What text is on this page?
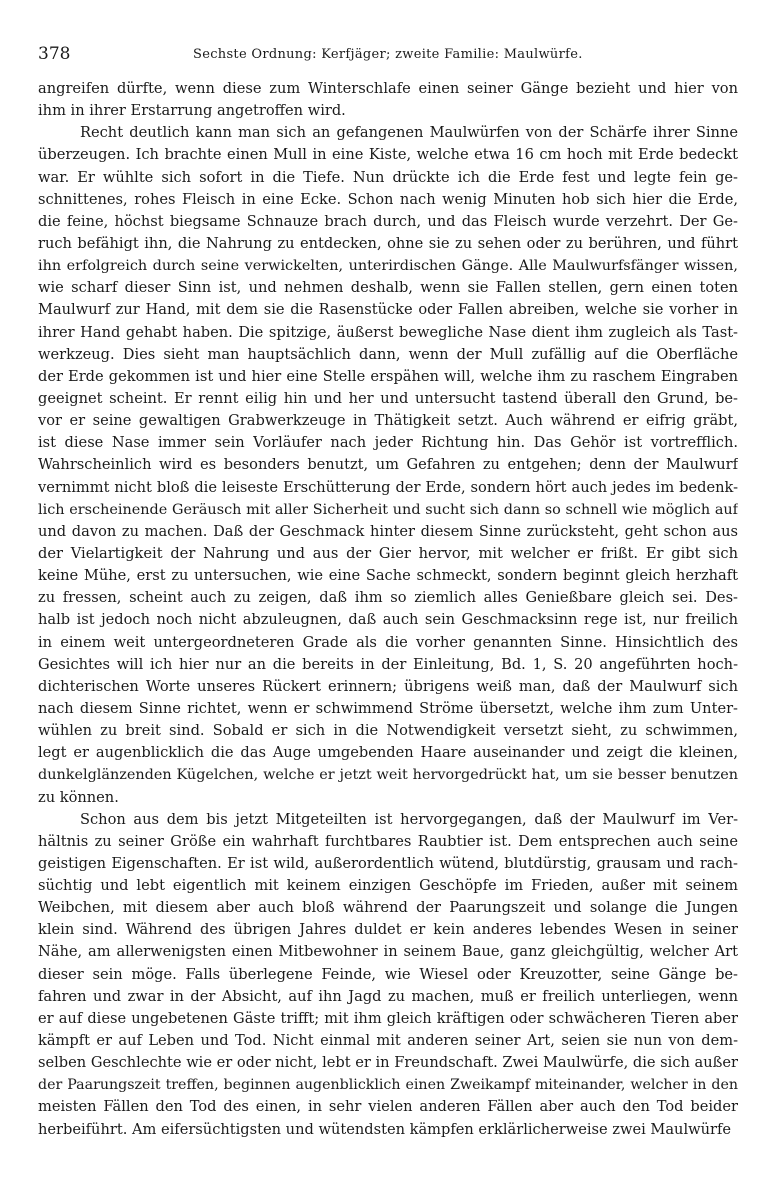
378	Sechste Ordnung: Kerfjäger; zweite Familie: Maulwürfe.
angreifen dürfte, wenn diese zum Winterschlafe einen seiner Gänge bezieht und hier von
ihm in ihrer Erstarrung angetroffen wird.
Recht deutlich kann man sich an gefangenen Maulwürfen von der Schärfe ihrer Sinne
überzeugen. Ich brachte einen Mull in eine Kiste, welche etwa 16 cm hoch mit Erde bedeckt
war. Er wühlte sich sofort in die Tiefe. Nun drückte ich die Erde fest und legte fein ge-
schnittenes, rohes Fleisch in eine Ecke. Schon nach wenig Minuten hob sich hier die Erde,
die feine, höchst biegsame Schnauze brach durch, und das Fleisch wurde verzehrt. Der Ge-
ruch befähigt ihn, die Nahrung zu entdecken, ohne sie zu sehen oder zu berühren, und führt
ihn erfolgreich durch seine verwickelten, unterirdischen Gänge. Alle Maulwurfsfänger wissen,
wie scharf dieser Sinn ist, und nehmen deshalb, wenn sie Fallen stellen, gern einen toten
Maulwurf zur Hand, mit dem sie die Rasenstücke oder Fallen abreiben, welche sie vorher in
ihrer Hand gehabt haben. Die spitzige, äußerst bewegliche Nase dient ihm zugleich als Tast-
werkzeug. Dies sieht man hauptsächlich dann, wenn der Mull zufällig auf die Oberfläche
der Erde gekommen ist und hier eine Stelle erspähen will, welche ihm zu raschem Eingraben
geeignet scheint. Er rennt eilig hin und her und untersucht tastend überall den Grund, be-
vor er seine gewaltigen Grabwerkzeuge in Thätigkeit setzt. Auch während er eifrig gräbt,
ist diese Nase immer sein Vorläufer nach jeder Richtung hin. Das Gehör ist vortrefflich.
Wahrscheinlich wird es besonders benutzt, um Gefahren zu entgehen; denn der Maulwurf
vernimmt nicht bloß die leiseste Erschütterung der Erde, sondern hört auch jedes im bedenk-
lich erscheinende Geräusch mit aller Sicherheit und sucht sich dann so schnell wie möglich auf
und davon zu machen. Daß der Geschmack hinter diesem Sinne zurücksteht, geht schon aus
der Vielartigkeit der Nahrung und aus der Gier hervor, mit welcher er frißt. Er gibt sich
keine Mühe, erst zu untersuchen, wie eine Sache schmeckt, sondern beginnt gleich herzhaft
zu fressen, scheint auch zu zeigen, daß ihm so ziemlich alles Genießbare gleich sei. Des-
halb ist jedoch noch nicht abzuleugnen, daß auch sein Geschmacksinn rege ist, nur freilich
in einem weit untergeordneteren Grade als die vorher genannten Sinne. Hinsichtlich des
Gesichtes will ich hier nur an die bereits in der Einleitung, Bd. 1, S. 20 angeführten hoch-
dichterischen Worte unseres Rückert erinnern; übrigens weiß man, daß der Maulwurf sich
nach diesem Sinne richtet, wenn er schwimmend Ströme übersetzt, welche ihm zum Unter-
wühlen zu breit sind. Sobald er sich in die Notwendigkeit versetzt sieht, zu schwimmen,
legt er augenblicklich die das Auge umgebenden Haare auseinander und zeigt die kleinen,
dunkelglänzenden Kügelchen, welche er jetzt weit hervorgedrückt hat, um sie besser benutzen
zu können.
Schon aus dem bis jetzt Mitgeteilten ist hervorgegangen, daß der Maulwurf im Ver-
hältnis zu seiner Größe ein wahrhaft furchtbares Raubtier ist. Dem entsprechen auch seine
geistigen Eigenschaften. Er ist wild, außerordentlich wütend, blutdürstig, grausam und rach-
süchtig und lebt eigentlich mit keinem einzigen Geschöpfe im Frieden, außer mit seinem
Weibchen, mit diesem aber auch bloß während der Paarungszeit und solange die Jungen
klein sind. Während des übrigen Jahres duldet er kein anderes lebendes Wesen in seiner
Nähe, am allerwenigsten einen Mitbewohner in seinem Baue, ganz gleichgültig, welcher Art
dieser sein möge. Falls überlegene Feinde, wie Wiesel oder Kreuzotter, seine Gänge be-
fahren und zwar in der Absicht, auf ihn Jagd zu machen, muß er freilich unterliegen, wenn
er auf diese ungebetenen Gäste trifft; mit ihm gleich kräftigen oder schwächeren Tieren aber
kämpft er auf Leben und Tod. Nicht einmal mit anderen seiner Art, seien sie nun von dem-
selben Geschlechte wie er oder nicht, lebt er in Freundschaft. Zwei Maulwürfe, die sich außer
der Paarungszeit treffen, beginnen augenblicklich einen Zweikampf miteinander, welcher in den
meisten Fällen den Tod des einen, in sehr vielen anderen Fällen aber auch den Tod beider
herbeiführt. Am eifersüchtigsten und wütendsten kämpfen erklärlicherweise zwei Maulwürfe
